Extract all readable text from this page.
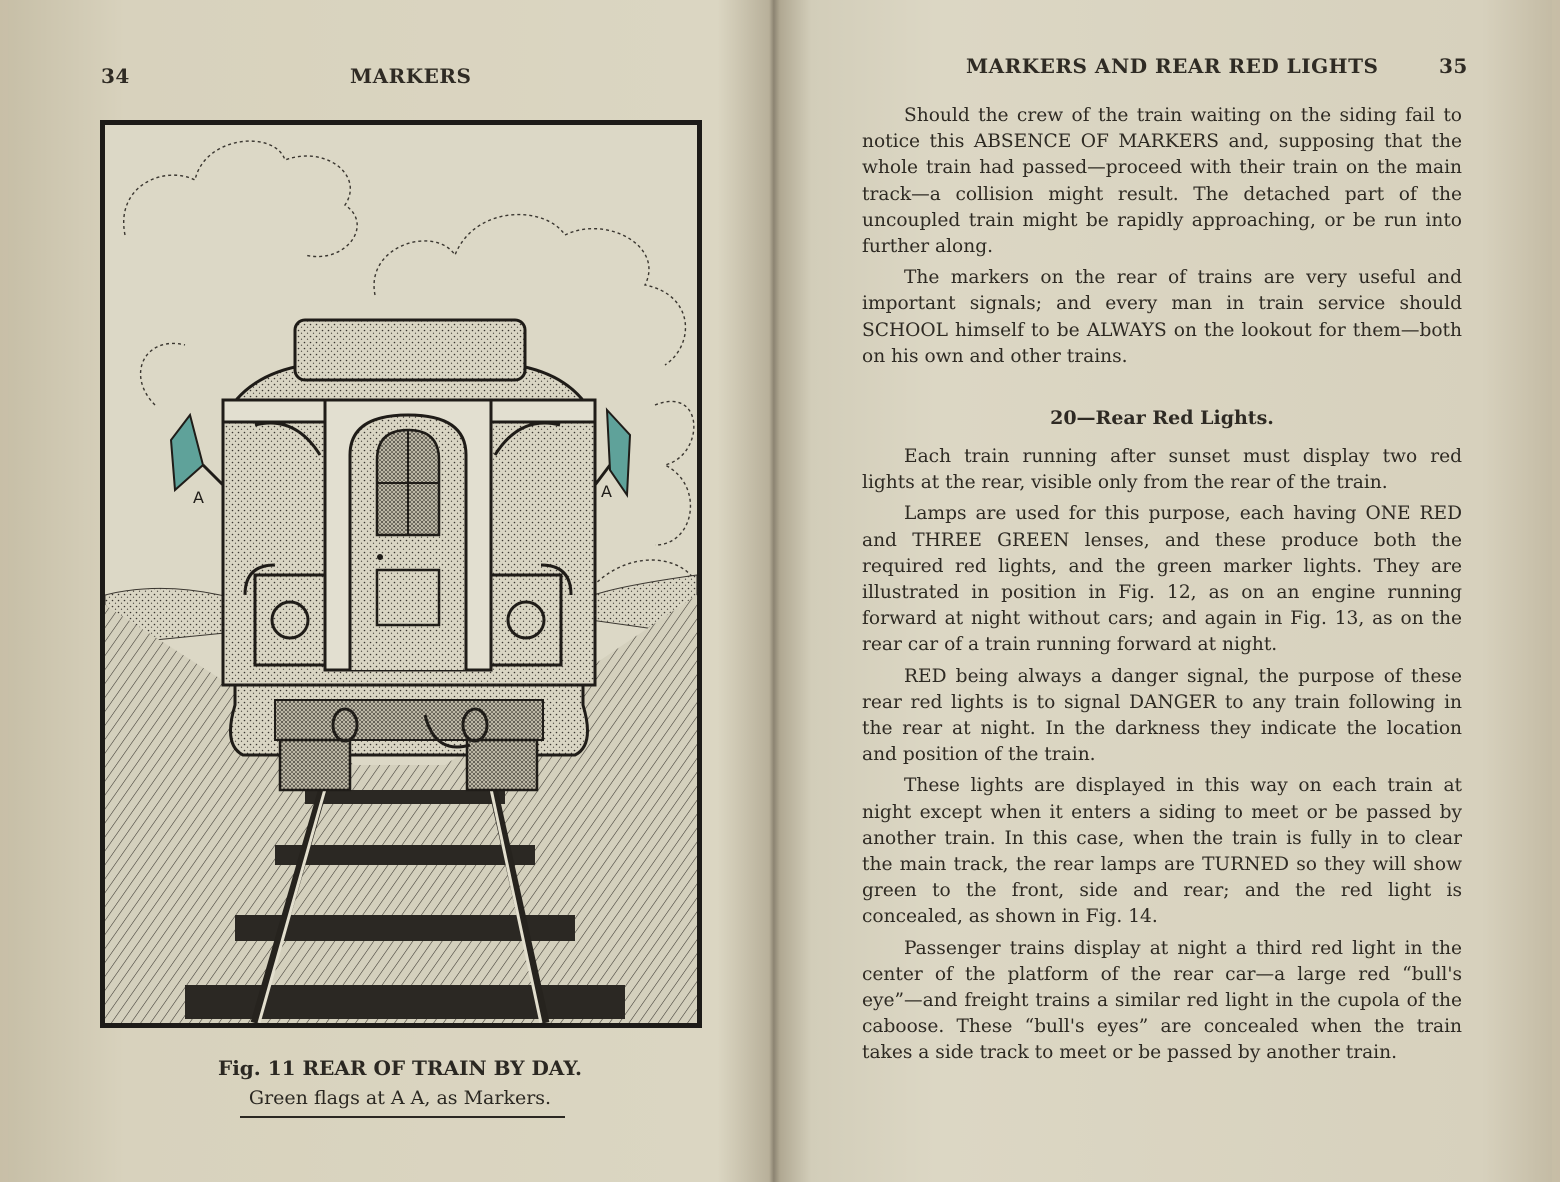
34	MARKERS
A	A
Fig. 11 REAR OF TRAIN BY DAY.
Green flags at A A, as Markers.
MARKERS AND REAR RED LIGHTS	35

Should the crew of the train waiting on the siding fail to notice this ABSENCE OF MARKERS and, supposing that the whole train had passed—proceed with their train on the main track—a collision might result. The detached part of the uncoupled train might be rapidly approaching, or be run into further along.

The markers on the rear of trains are very useful and important signals; and every man in train service should SCHOOL himself to be ALWAYS on the lookout for them—both on his own and other trains.

20—Rear Red Lights.

Each train running after sunset must display two red lights at the rear, visible only from the rear of the train.

Lamps are used for this purpose, each having ONE RED and THREE GREEN lenses, and these produce both the required red lights, and the green marker lights. They are illustrated in position in Fig. 12, as on an engine running forward at night without cars; and again in Fig. 13, as on the rear car of a train running forward at night.

RED being always a danger signal, the purpose of these rear red lights is to signal DANGER to any train following in the rear at night. In the darkness they indicate the location and position of the train.

These lights are displayed in this way on each train at night except when it enters a siding to meet or be passed by another train. In this case, when the train is fully in to clear the main track, the rear lamps are TURNED so they will show green to the front, side and rear; and the red light is concealed, as shown in Fig. 14.

Passenger trains display at night a third red light in the center of the platform of the rear car—a large red “bull's eye”—and freight trains a similar red light in the cupola of the caboose. These “bull's eyes” are concealed when the train takes a side track to meet or be passed by another train.
